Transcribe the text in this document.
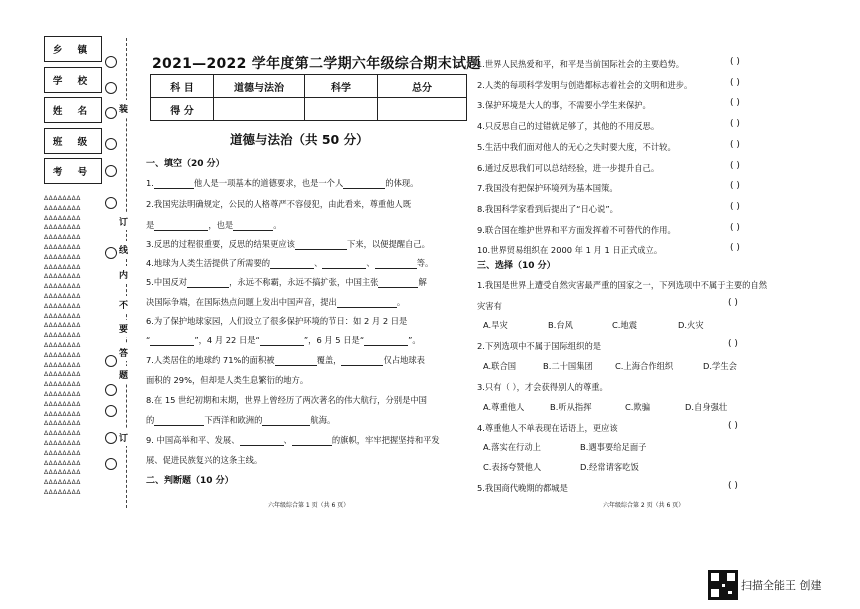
乡 镇
学 校
姓 名
班 级
考 号
装
订
线
内
不
要
答
题
订
ΔΔΔΔΔΔΔΔ
ΔΔΔΔΔΔΔΔ
ΔΔΔΔΔΔΔΔ
ΔΔΔΔΔΔΔΔ
ΔΔΔΔΔΔΔΔ
ΔΔΔΔΔΔΔΔ
ΔΔΔΔΔΔΔΔ
ΔΔΔΔΔΔΔΔ
ΔΔΔΔΔΔΔΔ
ΔΔΔΔΔΔΔΔ
ΔΔΔΔΔΔΔΔ
ΔΔΔΔΔΔΔΔ
ΔΔΔΔΔΔΔΔ
ΔΔΔΔΔΔΔΔ
ΔΔΔΔΔΔΔΔ
ΔΔΔΔΔΔΔΔ
ΔΔΔΔΔΔΔΔ
ΔΔΔΔΔΔΔΔ
ΔΔΔΔΔΔΔΔ
ΔΔΔΔΔΔΔΔ
ΔΔΔΔΔΔΔΔ
ΔΔΔΔΔΔΔΔ
ΔΔΔΔΔΔΔΔ
ΔΔΔΔΔΔΔΔ
ΔΔΔΔΔΔΔΔ
ΔΔΔΔΔΔΔΔ
ΔΔΔΔΔΔΔΔ
ΔΔΔΔΔΔΔΔ
ΔΔΔΔΔΔΔΔ
ΔΔΔΔΔΔΔΔ
ΔΔΔΔΔΔΔΔ
2021—2022 学年度第二学期六年级综合期末试题
科 目	道德与法治	科学	总分
得 分			
道德与法治（共 50 分）
一、填空（20 分）
1.	他人是一项基本的道德要求，也是一个人	的体现。
2.我国宪法明确规定，公民的人格尊严不容侵犯，由此看来，尊重他人既
是	，也是	。
3.反思的过程很重要，反思的结果更应该	下来，以便提醒自己。
4.地球为人类生活提供了所需要的	、	、	等。
5.中国反对	，永远不称霸，永远不搞扩张，中国主张	解
决国际争端，在国际热点问题上发出中国声音，提出	。
6.为了保护地球家园，人们设立了很多保护环境的节日：如 2 月 2 日是
“	”，4 月 22 日是“	”，6 月 5 日是“	”。
7.人类居住的地球约 71%的面积被	覆盖，	仅占地球表
面积的 29%，但却是人类生息繁衍的地方。
8.在 15 世纪初期和末期，世界上曾经历了两次著名的伟大航行，分别是中国
的	下西洋和欧洲的	航海。
9. 中国高举和平、发展、	、	的旗帜，牢牢把握坚持和平发
展、促进民族复兴的这条主线。
二、判断题（10 分）
六年级综合第 1 页（共 6 页）
1.世界人民热爱和平，和平是当前国际社会的主要趋势。	( )
2.人类的每项科学发明与创造都标志着社会的文明和进步。	( )
3.保护环境是大人的事，不需要小学生来保护。	( )
4.只反思自己的过错就足够了，其他的不用反思。	( )
5.生活中我们面对他人的无心之失时要大度，不计较。	( )
6.通过反思我们可以总结经验，进一步提升自己。	( )
7.我国没有把保护环境列为基本国策。	( )
8.我国科学家看到后提出了“日心说”。	( )
9.联合国在维护世界和平方面发挥着不可替代的作用。	( )
10.世界贸易组织在 2000 年 1 月 1 日正式成立。	( )
三、选择（10 分）
1.我国是世界上遭受自然灾害最严重的国家之一，下列选项中不属于主要的自然
灾害有	( )
A.旱灾	B.台风	C.地震	D.火灾
2.下列选项中不属于国际组织的是	( )
A.联合国	B.二十国集团	C.上海合作组织	D.学生会
3.只有（ ），才会获得别人的尊重。
A.尊重他人	B.听从指挥	C.欺骗	D.自身强壮
4.尊重他人不单表现在话语上，更应该	( )
A.落实在行动上	B.遇事要给足面子
C.表扬夸赞他人	D.经常请客吃饭
5.我国商代晚期的都城是	( )
六年级综合第 2 页（共 6 页）
扫描全能王 创建
